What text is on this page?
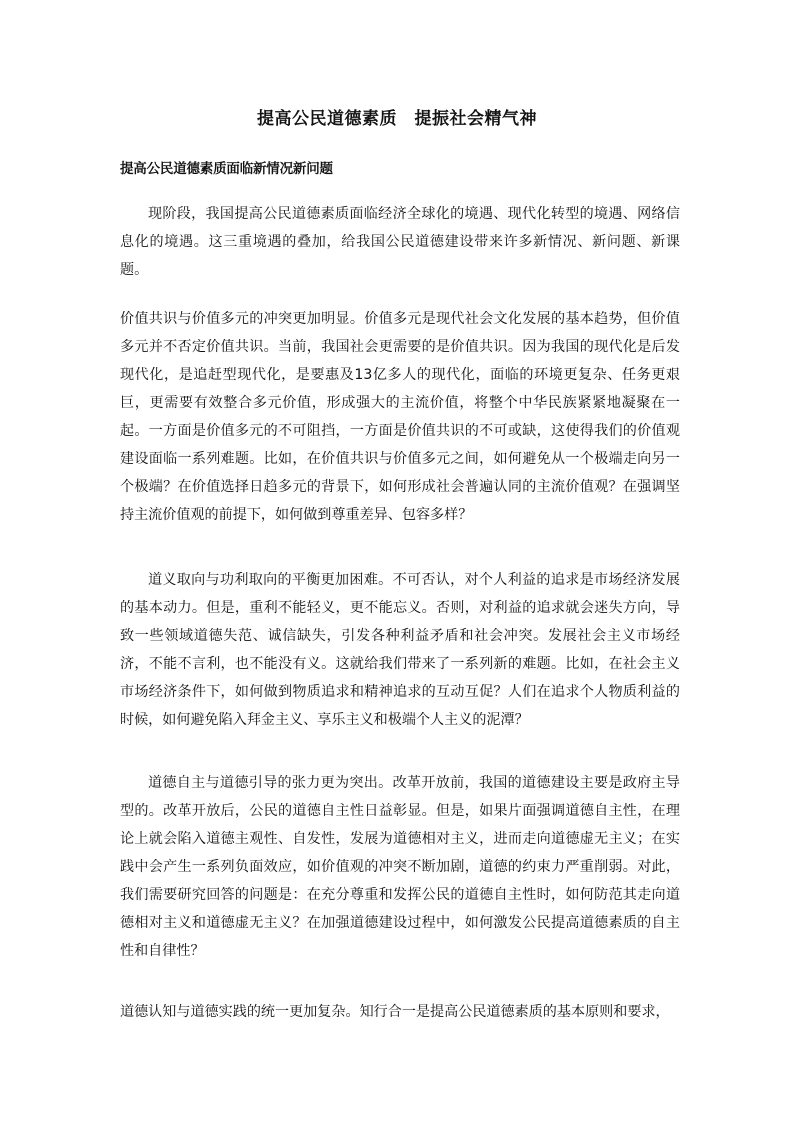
提高公民道德素质　提振社会精气神
提高公民道德素质面临新情况新问题
现阶段，我国提高公民道德素质面临经济全球化的境遇、现代化转型的境遇、网络信息化的境遇。这三重境遇的叠加，给我国公民道德建设带来许多新情况、新问题、新课题。
价值共识与价值多元的冲突更加明显。价值多元是现代社会文化发展的基本趋势，但价值多元并不否定价值共识。当前，我国社会更需要的是价值共识。因为我国的现代化是后发现代化，是追赶型现代化，是要惠及13亿多人的现代化，面临的环境更复杂、任务更艰巨，更需要有效整合多元价值，形成强大的主流价值，将整个中华民族紧紧地凝聚在一起。一方面是价值多元的不可阻挡，一方面是价值共识的不可或缺，这使得我们的价值观建设面临一系列难题。比如，在价值共识与价值多元之间，如何避免从一个极端走向另一个极端？在价值选择日趋多元的背景下，如何形成社会普遍认同的主流价值观？在强调坚持主流价值观的前提下，如何做到尊重差异、包容多样？
道义取向与功利取向的平衡更加困难。不可否认，对个人利益的追求是市场经济发展的基本动力。但是，重利不能轻义，更不能忘义。否则，对利益的追求就会迷失方向，导致一些领域道德失范、诚信缺失，引发各种利益矛盾和社会冲突。发展社会主义市场经济，不能不言利，也不能没有义。这就给我们带来了一系列新的难题。比如，在社会主义市场经济条件下，如何做到物质追求和精神追求的互动互促？人们在追求个人物质利益的时候，如何避免陷入拜金主义、享乐主义和极端个人主义的泥潭？
道德自主与道德引导的张力更为突出。改革开放前，我国的道德建设主要是政府主导型的。改革开放后，公民的道德自主性日益彰显。但是，如果片面强调道德自主性，在理论上就会陷入道德主观性、自发性，发展为道德相对主义，进而走向道德虚无主义；在实践中会产生一系列负面效应，如价值观的冲突不断加剧，道德的约束力严重削弱。对此，我们需要研究回答的问题是：在充分尊重和发挥公民的道德自主性时，如何防范其走向道德相对主义和道德虚无主义？在加强道德建设过程中，如何激发公民提高道德素质的自主性和自律性？
道德认知与道德实践的统一更加复杂。知行合一是提高公民道德素质的基本原则和要求，
